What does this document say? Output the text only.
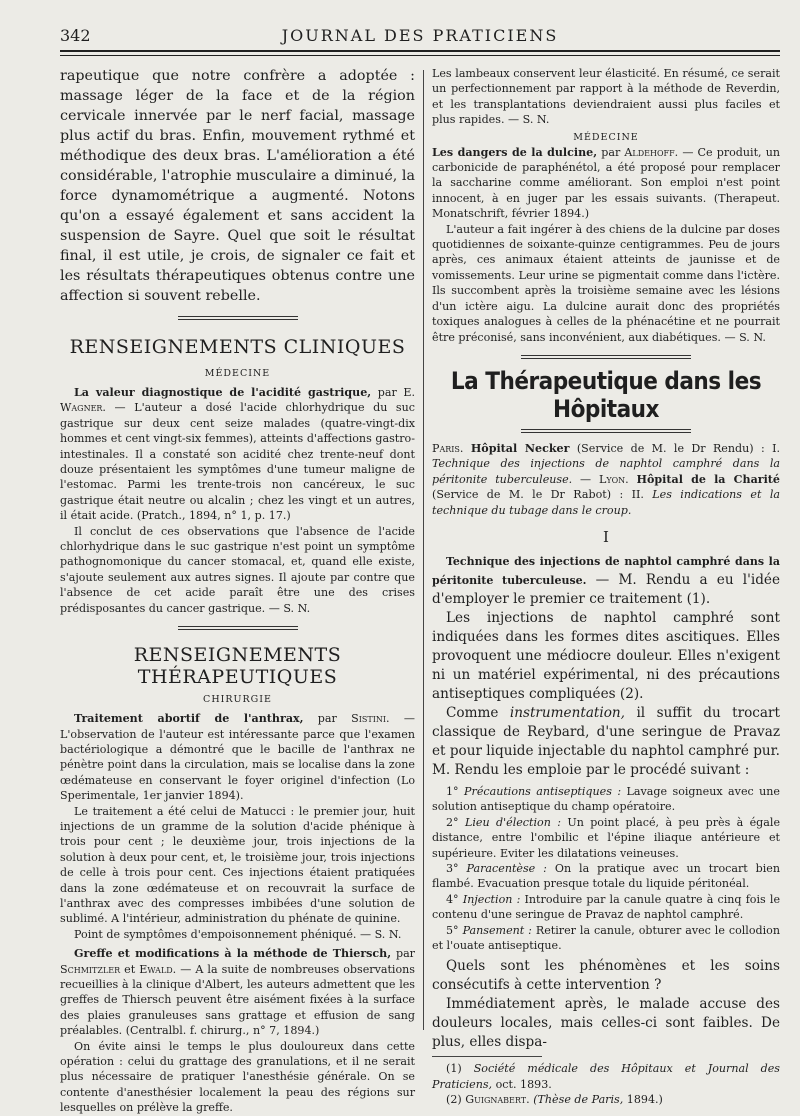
342	JOURNAL DES PRATICIENS

rapeutique que notre confrère a adoptée : massage léger de la face et de la région cervicale innervée par le nerf facial, massage plus actif du bras. Enfin, mouvement rythmé et méthodique des deux bras. L'amélioration a été considérable, l'atrophie musculaire a diminué, la force dynamométrique a augmenté. Notons qu'on a essayé également et sans accident la suspension de Sayre. Quel que soit le résultat final, il est utile, je crois, de signaler ce fait et les résultats thérapeutiques obtenus contre une affection si souvent rebelle.

RENSEIGNEMENTS CLINIQUES

MÉDECINE

La valeur diagnostique de l'acidité gastrique, par E. Wagner. — L'auteur a dosé l'acide chlorhydrique du suc gastrique sur deux cent seize malades (quatre-vingt-dix hommes et cent vingt-six femmes), atteints d'affections gastro-intestinales. Il a constaté son acidité chez trente-neuf dont douze présentaient les symptômes d'une tumeur maligne de l'estomac. Parmi les trente-trois non cancéreux, le suc gastrique était neutre ou alcalin ; chez les vingt et un autres, il était acide. (Pratch., 1894, n° 1, p. 17.)

Il conclut de ces observations que l'absence de l'acide chlorhydrique dans le suc gastrique n'est point un symptôme pathognomonique du cancer stomacal, et, quand elle existe, s'ajoute seulement aux autres signes. Il ajoute par contre que l'absence de cet acide paraît être une des crises prédisposantes du cancer gastrique. — S. N.

RENSEIGNEMENTS THÉRAPEUTIQUES

CHIRURGIE

Traitement abortif de l'anthrax, par Sistini. — L'observation de l'auteur est intéressante parce que l'examen bactériologique a démontré que le bacille de l'anthrax ne pénètre point dans la circulation, mais se localise dans la zone œdémateuse en conservant le foyer originel d'infection (Lo Sperimentale, 1er janvier 1894).

Le traitement a été celui de Matucci : le premier jour, huit injections de un gramme de la solution d'acide phénique à trois pour cent ; le deuxième jour, trois injections de la solution à deux pour cent, et, le troisième jour, trois injections de celle à trois pour cent. Ces injections étaient pratiquées dans la zone œdémateuse et on recouvrait la surface de l'anthrax avec des compresses imbibées d'une solution de sublimé. A l'intérieur, administration du phénate de quinine.

Point de symptômes d'empoisonnement phéniqué. — S. N.

Greffe et modifications à la méthode de Thiersch, par Schmitzler et Ewald. — A la suite de nombreuses observations recueillies à la clinique d'Albert, les auteurs admettent que les greffes de Thiersch peuvent être aisément fixées à la surface des plaies granuleuses sans grattage et effusion de sang préalables. (Centralbl. f. chirurg., n° 7, 1894.)

On évite ainsi le temps le plus douloureux dans cette opération : celui du grattage des granulations, et il ne serait plus nécessaire de pratiquer l'anesthésie générale. On se contente d'anesthésier localement la peau des régions sur lesquelles on prélève la greffe.

Les lambeaux conservent leur élasticité. En résumé, ce serait un perfectionnement par rapport à la méthode de Reverdin, et les transplantations deviendraient aussi plus faciles et plus rapides. — S. N.

MÉDECINE

Les dangers de la dulcine, par Aldehoff. — Ce produit, un carbonicide de paraphénétol, a été proposé pour remplacer la saccharine comme améliorant. Son emploi n'est point innocent, à en juger par les essais suivants. (Therapeut. Monatschrift, février 1894.)

L'auteur a fait ingérer à des chiens de la dulcine par doses quotidiennes de soixante-quinze centigrammes. Peu de jours après, ces animaux étaient atteints de jaunisse et de vomissements. Leur urine se pigmentait comme dans l'ictère. Ils succombent après la troisième semaine avec les lésions d'un ictère aigu. La dulcine aurait donc des propriétés toxiques analogues à celles de la phénacétine et ne pourrait être préconisé, sans inconvénient, aux diabétiques. — S. N.

La Thérapeutique dans les Hôpitaux

Paris. Hôpital Necker (Service de M. le Dr Rendu) : I. Technique des injections de naphtol camphré dans la péritonite tuberculeuse. — Lyon. Hôpital de la Charité (Service de M. le Dr Rabot) : II. Les indications et la technique du tubage dans le croup.

I

Technique des injections de naphtol camphré dans la péritonite tuberculeuse. — M. Rendu a eu l'idée d'employer le premier ce traitement (1).

Les injections de naphtol camphré sont indiquées dans les formes dites ascitiques. Elles provoquent une médiocre douleur. Elles n'exigent ni un matériel expérimental, ni des précautions antiseptiques compliquées (2).

Comme instrumentation, il suffit du trocart classique de Reybard, d'une seringue de Pravaz et pour liquide injectable du naphtol camphré pur. M. Rendu les emploie par le procédé suivant :

1° Précautions antiseptiques : Lavage soigneux avec une solution antiseptique du champ opératoire.

2° Lieu d'élection : Un point placé, à peu près à égale distance, entre l'ombilic et l'épine iliaque antérieure et supérieure. Eviter les dilatations veineuses.

3° Paracentèse : On la pratique avec un trocart bien flambé. Evacuation presque totale du liquide péritonéal.

4° Injection : Introduire par la canule quatre à cinq fois le contenu d'une seringue de Pravaz de naphtol camphré.

5° Pansement : Retirer la canule, obturer avec le collodion et l'ouate antiseptique.

Quels sont les phénomènes et les soins consécutifs à cette intervention ?

Immédiatement après, le malade accuse des douleurs locales, mais celles-ci sont faibles. De plus, elles dispa-

(1) Société médicale des Hôpitaux et Journal des Praticiens, oct. 1893.

(2) Guignabert. (Thèse de Paris, 1894.)
